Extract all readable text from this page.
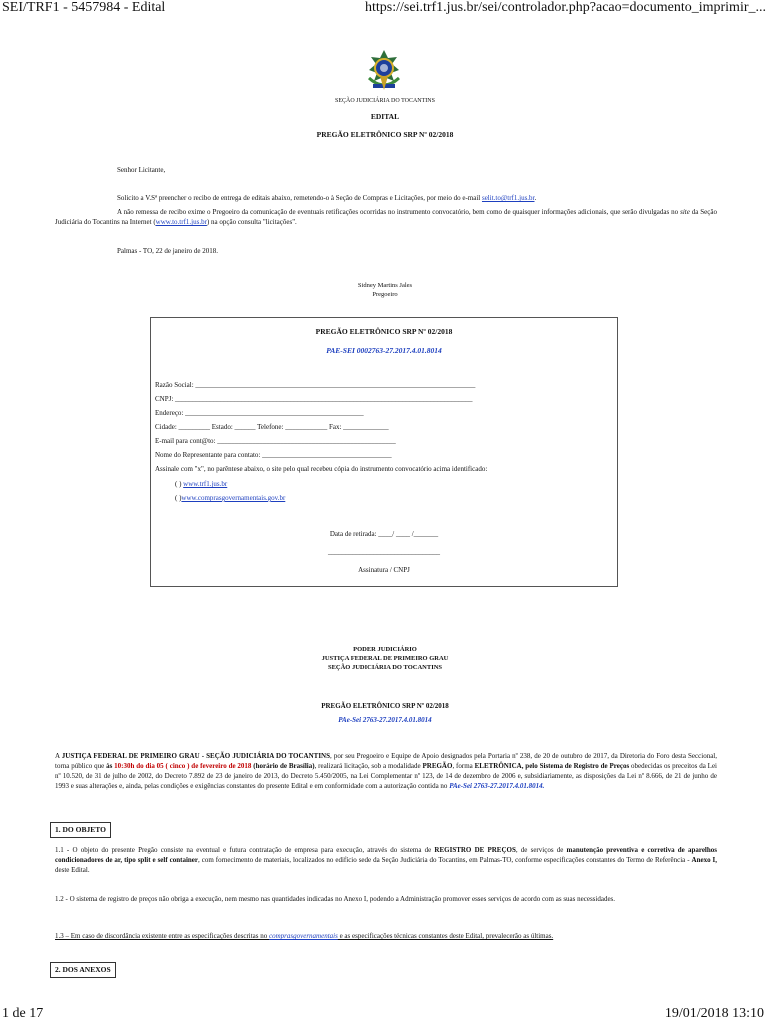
SEI/TRF1 - 5457984 - Edital	https://sei.trf1.jus.br/sei/controlador.php?acao=documento_imprimir_...
1 de 17	19/01/2018 13:10
SEÇÃO JUDICIÁRIA DO TOCANTINS
EDITAL
PREGÃO ELETRÔNICO SRP Nº 02/2018
Senhor Licitante,
Solicito a V.Sª preencher o recibo de entrega de editais abaixo, remetendo-o à Seção de Compras e Licitações, por meio do e-mail selit.to@trf1.jus.br.
A não remessa de recibo exime o Pregoeiro da comunicação de eventuais retificações ocorridas no instrumento convocatório, bem como de quaisquer informações adicionais, que serão divulgadas no site da Seção Judiciária do Tocantins na Internet (www.to.trf1.jus.br) na opção consulta "licitações".
Palmas - TO, 22 de janeiro de 2018.
Sidney Martins Jales
Pregoeiro
PREGÃO ELETRÔNICO SRP Nº 02/2018
PAE-SEI 0002763-27.2017.4.01.8014
Razão Social: ________________________________________________________________________________
CNPJ: _____________________________________________________________________________________
Endereço: ___________________________________________________
Cidade: _________ Estado: ______ Telefone: ____________ Fax: _____________
E-mail para cont@to: ___________________________________________________
Nome do Representante para contato: _____________________________________
Assinale com "x", no parêntese abaixo, o site pelo qual recebeu cópia do instrumento convocatório acima identificado:
( ) www.trf1.jus.br
( )www.comprasgovernamentais.gov.br
Data de retirada: ____/ ____ /_______
________________________________
Assinatura / CNPJ
PODER JUDICIÁRIO
JUSTIÇA FEDERAL DE PRIMEIRO GRAU
SEÇÃO JUDICIÁRIA DO TOCANTINS
PREGÃO ELETRÔNICO SRP Nº 02/2018
PAe-Sei 2763-27.2017.4.01.8014
A JUSTIÇA FEDERAL DE PRIMEIRO GRAU - SEÇÃO JUDICIÁRIA DO TOCANTINS, por seu Pregoeiro e Equipe de Apoio designados pela Portaria nº 238, de 20 de outubro de 2017, da Diretoria do Foro desta Seccional, torna público que às 10:30h do dia 05 ( cinco ) de fevereiro de 2018 (horário de Brasília), realizará licitação, sob a modalidade PREGÃO, forma ELETRÔNICA, pelo Sistema de Registro de Preços obedecidas os preceitos da Lei nº 10.520, de 31 de julho de 2002, do Decreto 7.892 de 23 de janeiro de 2013, do Decreto 5.450/2005, na Lei Complementar nº 123, de 14 de dezembro de 2006 e, subsidiariamente, as disposições da Lei nº 8.666, de 21 de junho de 1993 e suas alterações e, ainda, pelas condições e exigências constantes do presente Edital e em conformidade com a autorização contida no PAe-Sei 2763-27.2017.4.01.8014.
1. DO OBJETO
1.1 - O objeto do presente Pregão consiste na eventual e futura contratação de empresa para execução, através do sistema de REGISTRO DE PREÇOS, de serviços de manutenção preventiva e corretiva de aparelhos condicionadores de ar, tipo split e self container, com fornecimento de materiais, localizados no edifício sede da Seção Judiciária do Tocantins, em Palmas-TO, conforme especificações constantes do Termo de Referência - Anexo I, deste Edital.
1.2 - O sistema de registro de preços não obriga a execução, nem mesmo nas quantidades indicadas no Anexo I, podendo a Administração promover esses serviços de acordo com as suas necessidades.
1.3 – Em caso de discordância existente entre as especificações descritas no comprasgovernamentais e as especificações técnicas constantes deste Edital, prevalecerão as últimas.
2. DOS ANEXOS
